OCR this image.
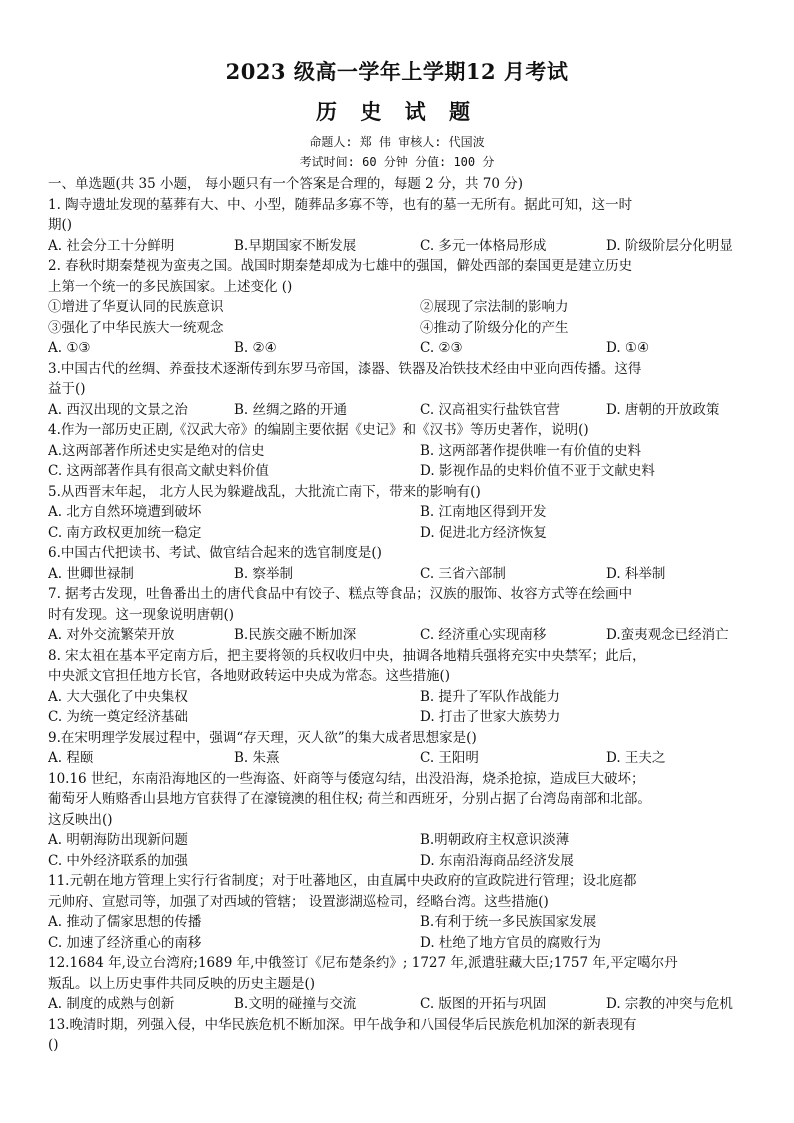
2023 级高一学年上学期12 月考试
历 史 试 题
命题人: 郑 伟 审核人: 代国波
考试时间: 60 分钟 分值: 100 分
一、单选题(共 35 小题， 每小题只有一个答案是合理的，每题 2 分，共 70 分)
1. 陶寺遗址发现的墓葬有大、中、小型，随葬品多寡不等，也有的墓一无所有。据此可知，这一时
期()
A. 社会分工十分鲜明	B.早期国家不断发展	C. 多元一体格局形成	D. 阶级阶层分化明显
2. 春秋时期秦楚视为蛮夷之国。战国时期秦楚却成为七雄中的强国，僻处西部的秦国更是建立历史
上第一个统一的多民族国家。上述变化 ()
①增进了华夏认同的民族意识	②展现了宗法制的影响力
③强化了中华民族大一统观念	④推动了阶级分化的产生
A. ①③	B. ②④	C. ②③	D. ①④
3.中国古代的丝绸、养蚕技术逐渐传到东罗马帝国，漆器、铁器及冶铁技术经由中亚向西传播。这得
益于()
A. 西汉出现的文景之治	B. 丝绸之路的开通	C. 汉高祖实行盐铁官营	D. 唐朝的开放政策
4.作为一部历史正剧,《汉武大帝》的编剧主要依据《史记》和《汉书》等历史著作，说明()
A.这两部著作所述史实是绝对的信史	B. 这两部著作提供唯一有价值的史料
C. 这两部著作具有很高文献史料价值	D. 影视作品的史料价值不亚于文献史料
5.从西晋末年起， 北方人民为躲避战乱，大批流亡南下，带来的影响有()
A. 北方自然环境遭到破坏	B. 江南地区得到开发
C. 南方政权更加统一稳定	D. 促进北方经济恢复
6.中国古代把读书、考试、做官结合起来的选官制度是()
A. 世卿世禄制	B. 察举制	C. 三省六部制	D. 科举制
7. 据考古发现，吐鲁番出土的唐代食品中有饺子、糕点等食品；汉族的服饰、妆容方式等在绘画中
时有发现。这一现象说明唐朝()
A. 对外交流繁荣开放	B.民族交融不断加深	C. 经济重心实现南移	D.蛮夷观念已经消亡
8. 宋太祖在基本平定南方后，把主要将领的兵权收归中央，抽调各地精兵强将充实中央禁军；此后，
中央派文官担任地方长官，各地财政转运中央成为常态。这些措施()
A. 大大强化了中央集权	B. 提升了军队作战能力
C. 为统一奠定经济基础	D. 打击了世家大族势力
9.在宋明理学发展过程中，强调“存天理，灭人欲”的集大成者思想家是()
A. 程颐	B. 朱熹	C. 王阳明	D. 王夫之
10.16 世纪，东南沿海地区的一些海盗、奸商等与倭寇勾结，出没沿海，烧杀抢掠，造成巨大破坏；
葡萄牙人贿赂香山县地方官获得了在濠镜澳的租住权; 荷兰和西班牙，分别占据了台湾岛南部和北部。
这反映出()
A. 明朝海防出现新问题	B.明朝政府主权意识淡薄
C. 中外经济联系的加强	D. 东南沿海商品经济发展
11.元朝在地方管理上实行行省制度；对于吐蕃地区，由直属中央政府的宣政院进行管理；设北庭都
元帅府、宣慰司等，加强了对西域的管辖； 设置澎湖巡检司，经略台湾。这些措施()
A. 推动了儒家思想的传播	B.有利于统一多民族国家发展
C. 加速了经济重心的南移	D. 杜绝了地方官员的腐败行为
12.1684 年,设立台湾府;1689 年,中俄签订《尼布楚条约》; 1727 年,派遣驻藏大臣;1757 年,平定噶尔丹
叛乱。以上历史事件共同反映的历史主题是()
A. 制度的成熟与创新	B.文明的碰撞与交流	C. 版图的开拓与巩固	D. 宗教的冲突与危机
13.晚清时期，列强入侵，中华民族危机不断加深。甲午战争和八国侵华后民族危机加深的新表现有
()
